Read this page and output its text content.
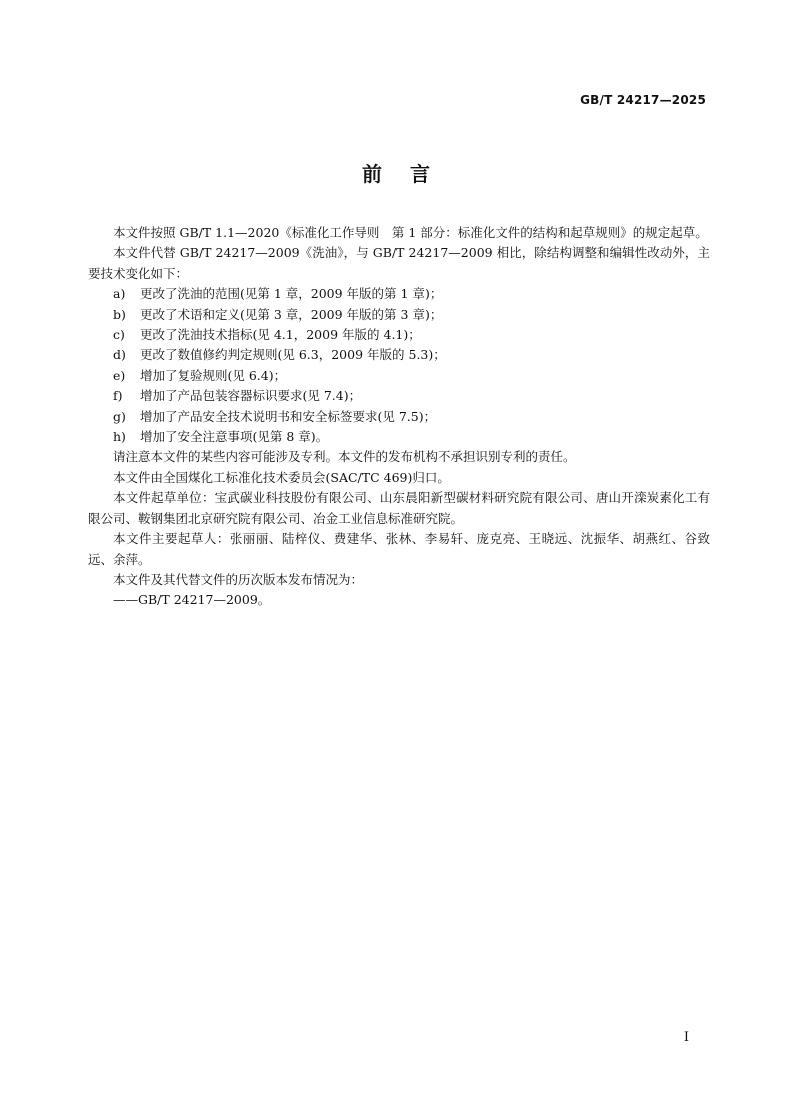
GB/T 24217—2025
前言

本文件按照 GB/T 1.1—2020《标准化工作导则　第 1 部分：标准化文件的结构和起草规则》的规定起草。

本文件代替 GB/T 24217—2009《洗油》，与 GB/T 24217—2009 相比，除结构调整和编辑性改动外，主要技术变化如下：

a) 更改了洗油的范围(见第 1 章，2009 年版的第 1 章)；

b) 更改了术语和定义(见第 3 章，2009 年版的第 3 章)；

c) 更改了洗油技术指标(见 4.1，2009 年版的 4.1)；

d) 更改了数值修约判定规则(见 6.3，2009 年版的 5.3)；

e) 增加了复验规则(见 6.4)；

f) 增加了产品包装容器标识要求(见 7.4)；

g) 增加了产品安全技术说明书和安全标签要求(见 7.5)；

h) 增加了安全注意事项(见第 8 章)。

请注意本文件的某些内容可能涉及专利。本文件的发布机构不承担识别专利的责任。

本文件由全国煤化工标准化技术委员会(SAC/TC 469)归口。

本文件起草单位：宝武碳业科技股份有限公司、山东晨阳新型碳材料研究院有限公司、唐山开滦炭素化工有限公司、鞍钢集团北京研究院有限公司、冶金工业信息标准研究院。

本文件主要起草人：张丽丽、陆梓仪、费建华、张林、李易轩、庞克亮、王晓远、沈振华、胡燕红、谷致远、余萍。

本文件及其代替文件的历次版本发布情况为：

——GB/T 24217—2009。

I
